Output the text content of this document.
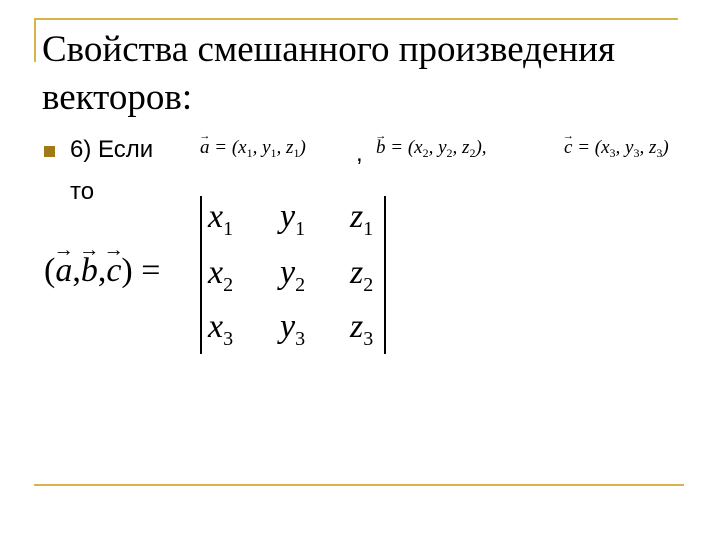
Свойства смешанного произведения
векторов:
6) Если
то
→ $a = (x_1$, $y_1$, $z_1$) , → $b = (x_2$, $y_2$, $z_2$),	→ $c = (x_3$, $y_3$, $z_3$)
(→ a,→ b,→ c) =
$x_1$ $y_1$ $z_1$
$x_2$ $y_2$ $z_2$
$x_3$ $y_3$ $z_3$
